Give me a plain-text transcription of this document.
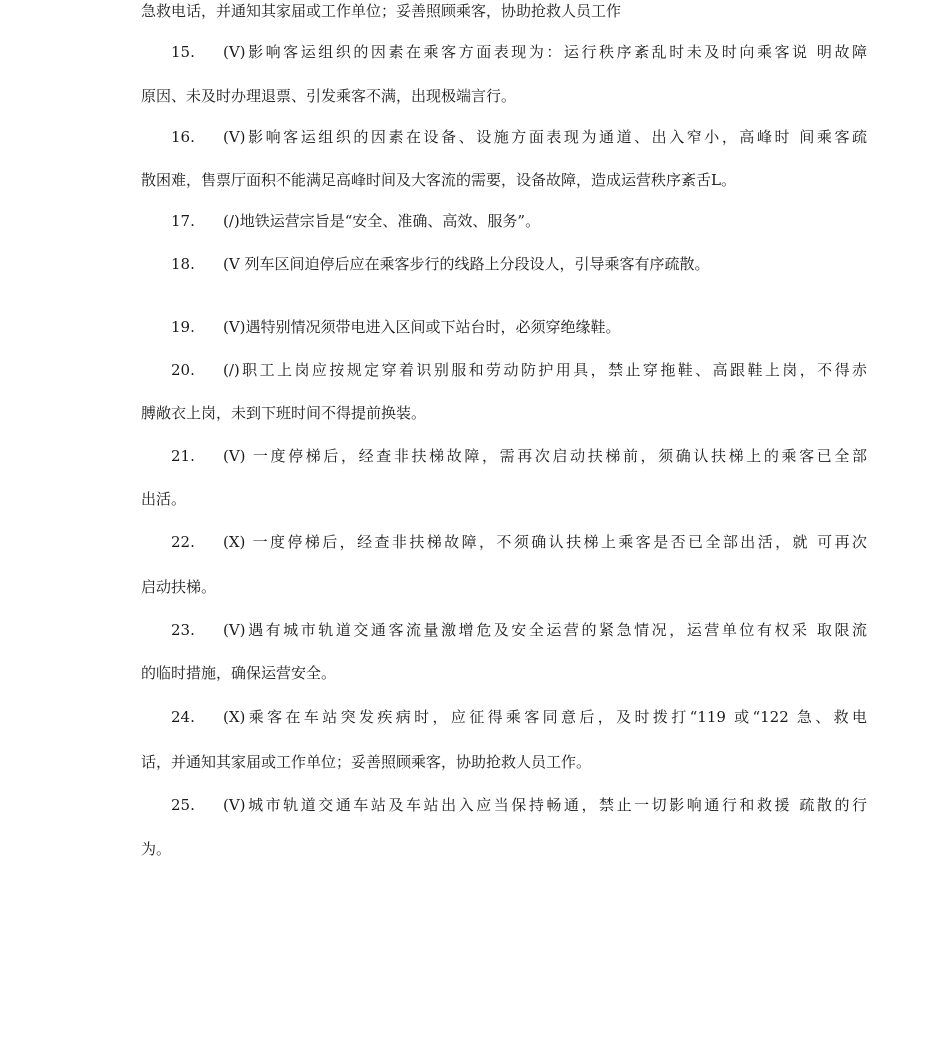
急救电话，并通知其家届或工作单位；妥善照顾乘客，协助抢救人员工作
15. (V)影响客运组织的因素在乘客方面表现为：运行秩序紊乱时未及时向乘客说 明故障
原因、未及时办理退票、引发乘客不满，出现极端言行。
16. (V)影响客运组织的因素在设备、设施方面表现为通道、出入窄小，高峰时 间乘客疏
散困难，售票厅面积不能满足高峰时间及大客流的需要，设备故障，造成运营秩序紊舌L。
17. (/)地铁运营宗旨是“安全、准确、高效、服务”。
18. (V 列车区间迫停后应在乘客步行的线路上分段设人，引导乘客有序疏散。
19. (V)遇特别情况须带电进入区间或下站台时，必须穿绝缘鞋。
20. (/)职工上岗应按规定穿着识别服和劳动防护用具，禁止穿拖鞋、高跟鞋上岗，不得赤
膊敞衣上岗，未到下班时间不得提前换装。
21. (V) 一度停梯后，经查非扶梯故障，需再次启动扶梯前，须确认扶梯上的乘客已全部
出活。
22. (X) 一度停梯后，经查非扶梯故障，不须确认扶梯上乘客是否已全部出活，就 可再次
启动扶梯。
23. (V)遇有城市轨道交通客流量激增危及安全运营的紧急情况，运营单位有权采 取限流
的临时措施，确保运营安全。
24. (X)乘客在车站突发疾病时，应征得乘客同意后，及时拨打“119 或“122 急、救电
话，并通知其家届或工作单位；妥善照顾乘客，协助抢救人员工作。
25. (V)城市轨道交通车站及车站出入应当保持畅通，禁止一切影响通行和救援 疏散的行
为。
